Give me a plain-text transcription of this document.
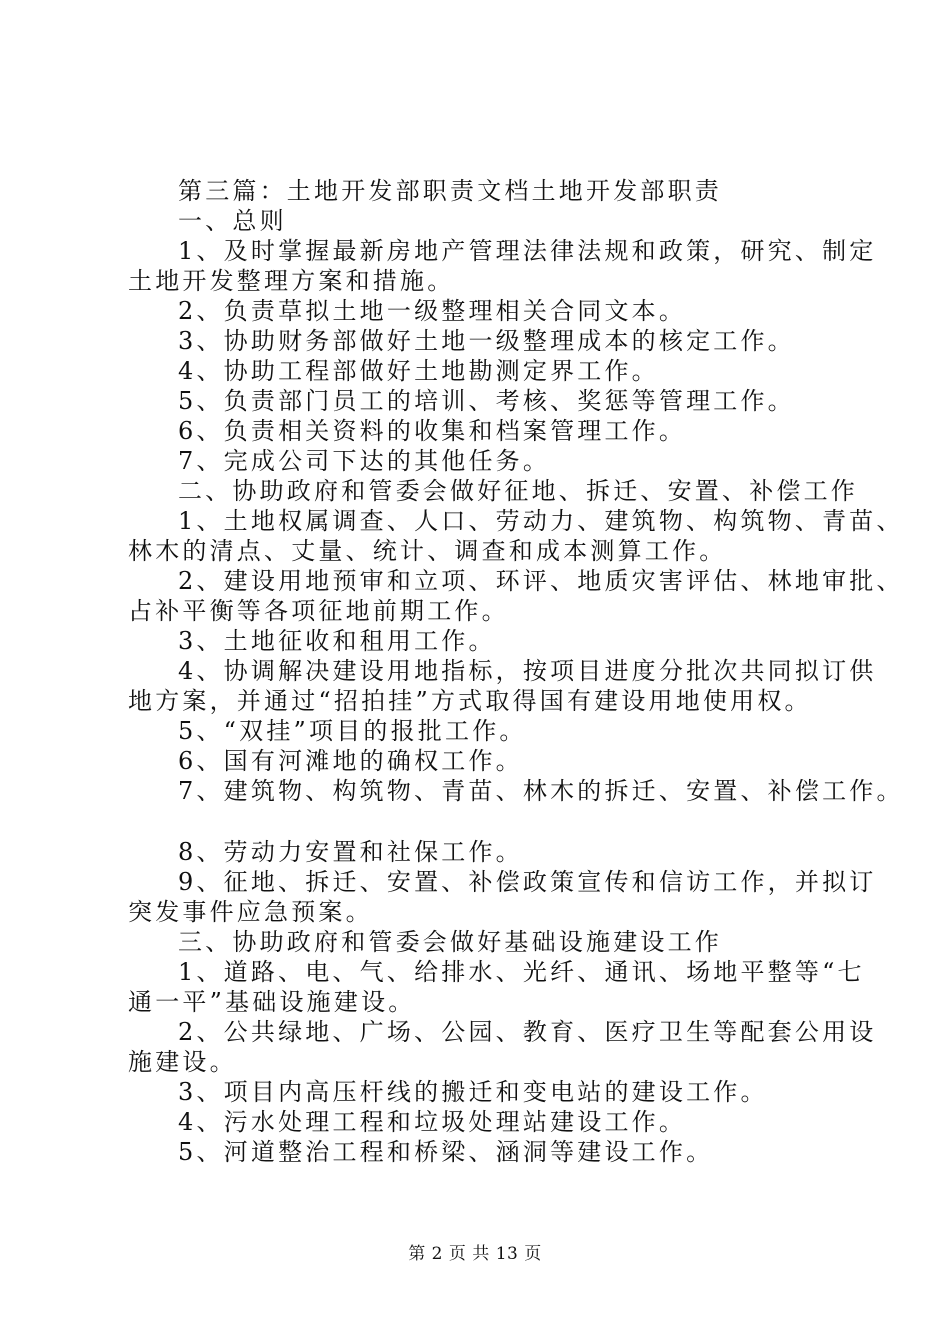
第三篇：土地开发部职责文档土地开发部职责
一、总则
1、及时掌握最新房地产管理法律法规和政策，研究、制定
土地开发整理方案和措施。
2、负责草拟土地一级整理相关合同文本。
3、协助财务部做好土地一级整理成本的核定工作。
4、协助工程部做好土地勘测定界工作。
5、负责部门员工的培训、考核、奖惩等管理工作。
6、负责相关资料的收集和档案管理工作。
7、完成公司下达的其他任务。
二、协助政府和管委会做好征地、拆迁、安置、补偿工作
1、土地权属调查、人口、劳动力、建筑物、构筑物、青苗、
林木的清点、丈量、统计、调查和成本测算工作。
2、建设用地预审和立项、环评、地质灾害评估、林地审批、
占补平衡等各项征地前期工作。
3、土地征收和租用工作。
4、协调解决建设用地指标，按项目进度分批次共同拟订供
地方案，并通过“招拍挂”方式取得国有建设用地使用权。
5、“双挂”项目的报批工作。
6、国有河滩地的确权工作。
7、建筑物、构筑物、青苗、林木的拆迁、安置、补偿工作。
8、劳动力安置和社保工作。
9、征地、拆迁、安置、补偿政策宣传和信访工作，并拟订
突发事件应急预案。
三、协助政府和管委会做好基础设施建设工作
1、道路、电、气、给排水、光纤、通讯、场地平整等“七
通一平”基础设施建设。
2、公共绿地、广场、公园、教育、医疗卫生等配套公用设
施建设。
3、项目内高压杆线的搬迁和变电站的建设工作。
4、污水处理工程和垃圾处理站建设工作。
5、河道整治工程和桥梁、涵洞等建设工作。
第 2 页 共 13 页
